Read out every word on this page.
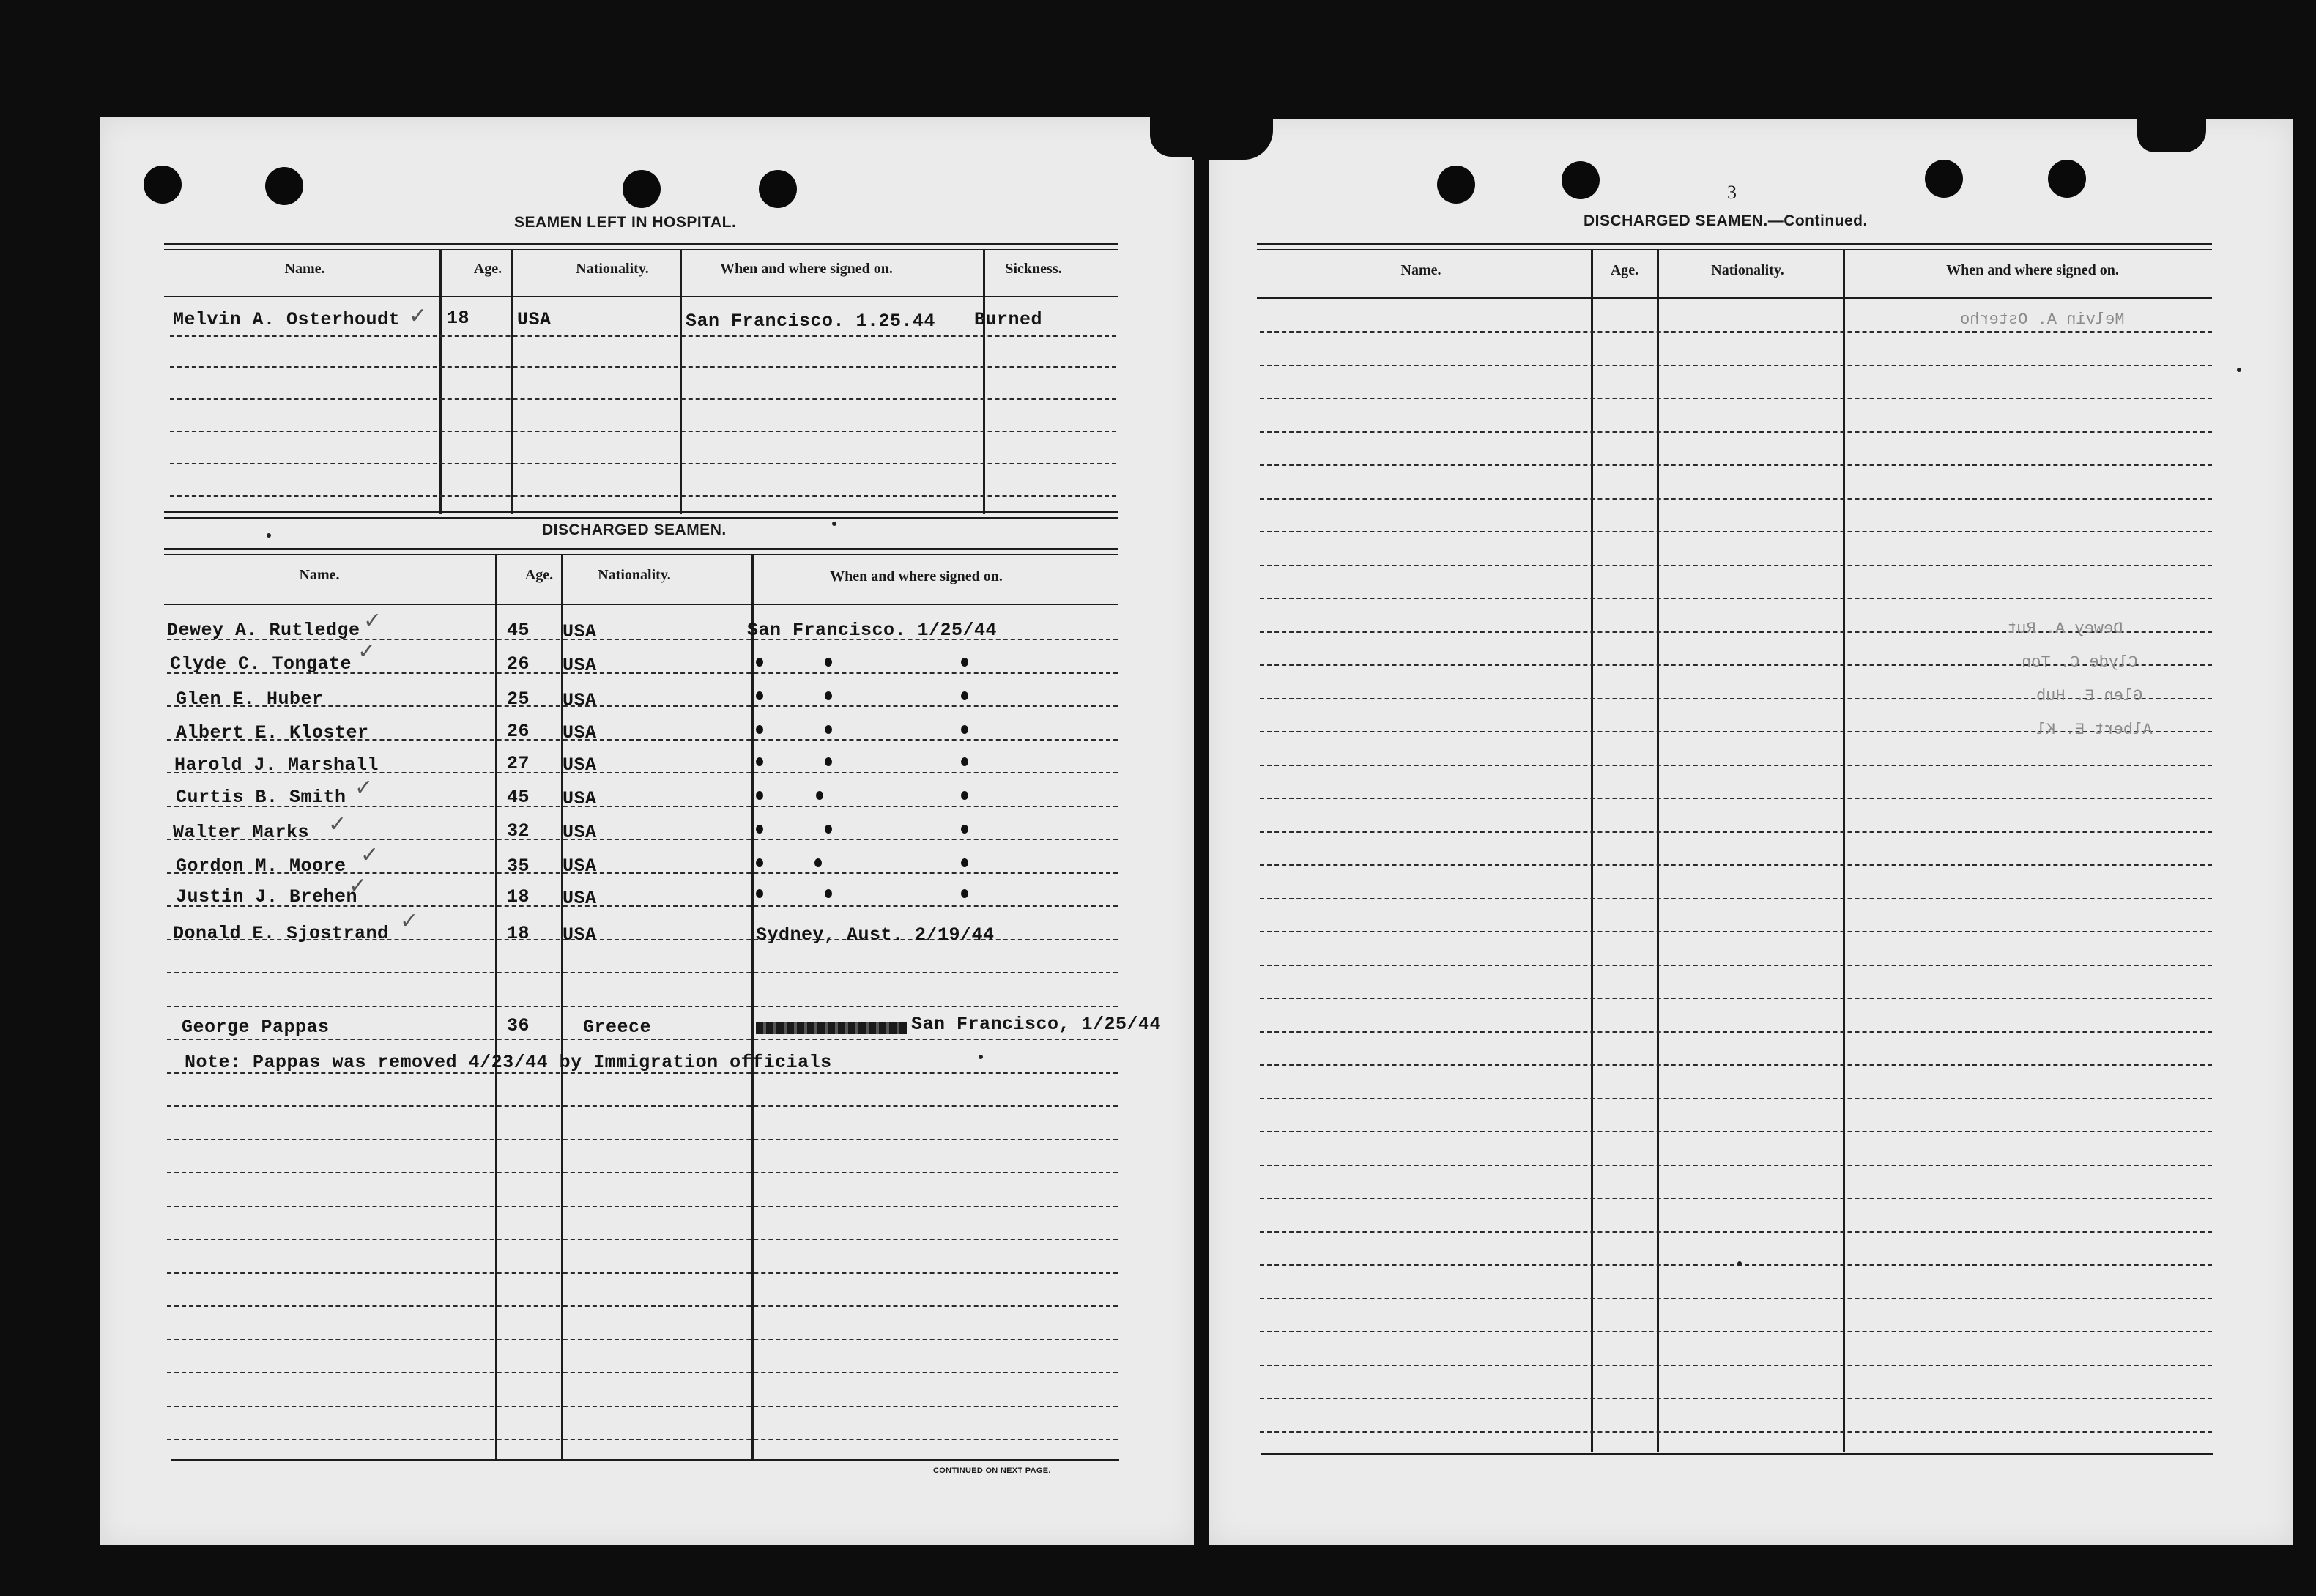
SEAMEN LEFT IN HOSPITAL.
Name.	Age.	Nationality.	When and where signed on.	Sickness.
Melvin A. Osterhoudt	18	USA	San Francisco. 1.25.44 Burned
✓
DISCHARGED SEAMEN.
Name.	Age.	Nationality.	When and where signed on.
Dewey A. Rutledge	45 USA	San Francisco. 1/25/44
Clyde C. Tongate	26 USA
Glen E. Huber	25 USA
Albert E. Kloster	26 USA
Harold J. Marshall	27 USA
Curtis B. Smith	45 USA
Walter Marks	32 USA
Gordon M. Moore	35 USA
Justin J. Brehen	18 USA
Donald E. Sjostrand	18 USA	Sydney, Aust. 2/19/44
✓
✓
✓
✓
✓
✓
✓
George Pappas	36	Greece	San Francisco, 1/25/44
Note: Pappas was removed 4/23/44 by Immigration officials
CONTINUED ON NEXT PAGE.
3
DISCHARGED SEAMEN.—Continued.
Name.	Age.	Nationality.	When and where signed on.
Melvin A. Osterho
Dewey A. Rut
Clyde C. Ton
Glen E. Hub
Albert E. Kl
